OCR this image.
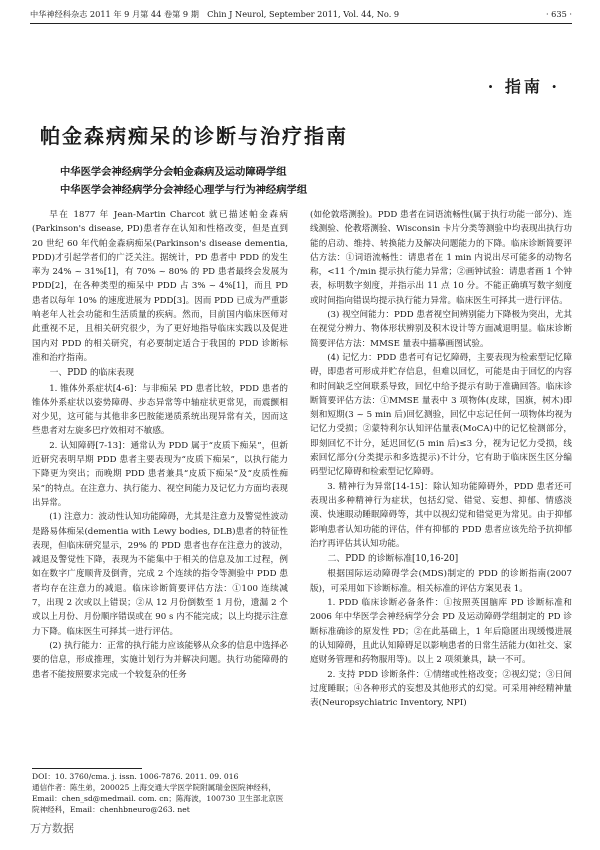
中华神经科杂志 2011 年 9 月第 44 卷第 9 期　Chin J Neurol, September 2011, Vol. 44, No. 9	· 635 ·
· 指南 ·
帕金森病痴呆的诊断与治疗指南
中华医学会神经病学分会帕金森病及运动障碍学组
中华医学会神经病学分会神经心理学与行为神经病学组

早在 1877 年 Jean-Martin Charcot 就已描述帕金森病(Parkinson's disease, PD)患者存在认知和性格改变，但是直到 20 世纪 60 年代帕金森病痴呆(Parkinson's disease dementia, PDD)才引起学者们的广泛关注。据统计，PD 患者中 PDD 的发生率为 24% ~ 31%[1]，有 70% ~ 80% 的 PD 患者最终会发展为 PDD[2]，在各种类型的痴呆中 PDD 占 3% ~ 4%[1]，而且 PD 患者以每年 10% 的速度进展为 PDD[3]。因而 PDD 已成为严重影响老年人社会功能和生活质量的疾病。然而，目前国内临床医师对此重视不足，且相关研究很少，为了更好地指导临床实践以及促进国内对 PDD 的相关研究，有必要制定适合于我国的 PDD 诊断标准和治疗指南。

一、PDD 的临床表现

1. 锥体外系症状[4-6]：与非痴呆 PD 患者比较，PDD 患者的锥体外系症状以姿势障碍、步态异常等中轴症状更常见，而震颤相对少见，这可能与其他非多巴胺能递质系统出现异常有关，因而这些患者对左旋多巴疗效相对不敏感。

2. 认知障碍[7-13]：通常认为 PDD 属于“皮质下痴呆”，但新近研究表明早期 PDD 患者主要表现为“皮质下痴呆”，以执行能力下降更为突出；而晚期 PDD 患者兼具“皮质下痴呆”及“皮质性痴呆”的特点。在注意力、执行能力、视空间能力及记忆力方面均表现出异常。

(1) 注意力：波动性认知功能障碍，尤其是注意力及警觉性波动是路易体痴呆(dementia with Lewy bodies, DLB)患者的特征性表现，但临床研究显示，29% 的 PDD 患者也存在注意力的波动，减退及警觉性下降，表现为不能集中于相关的信息及加工过程，例如在数字广度顺背及倒背，完成 2 个连续的指令等测验中 PDD 患者均存在注意力的减退。临床诊断简要评估方法：①100 连续减 7，出现 2 次或以上错误；②从 12 月份倒数至 1 月份，遗漏 2 个或以上月份、月份顺序错误或在 90 s 内不能完成；以上均提示注意力下降。临床医生可择其一进行评估。

(2) 执行能力：正常的执行能力应该能够从众多的信息中选择必要的信息，形成推理，实施计划行为并解决问题。执行功能障碍的患者不能按照要求完成一个较复杂的任务

DOI：10. 3760/cma. j. issn. 1006-7876. 2011. 09. 016

通信作者：陈生弟，200025 上海交通大学医学院附属瑞金医院神经科，Email：chen_sd@medmail. com. cn；陈海波，100730 卫生部北京医院神经科，Email：chenhbneuro@263. net

(如伦敦塔测验)。PDD 患者在词语流畅性(属于执行功能一部分)、连线测验、伦教塔测验、Wisconsin 卡片分类等测验中均表现出执行功能的启动、维持、转换能力及解决问题能力的下降。临床诊断简要评估方法：①词语流畅性：请患者在 1 min 内说出尽可能多的动物名称，<11 个/min 提示执行能力异常；②画钟试验：请患者画 1 个钟表，标明数字刻度，并指示出 11 点 10 分。不能正确填写数字刻度或时间指向错误均提示执行能力异常。临床医生可择其一进行评估。

(3) 视空间能力：PDD 患者视空间辨别能力下降极为突出，尤其在视觉分辨力、物体形状辨别及积木设计等方面减退明显。临床诊断简要评估方法：MMSE 量表中描摹画图试验。

(4) 记忆力：PDD 患者可有记忆障碍，主要表现为检索型记忆障碍，即患者可形成并贮存信息，但难以回忆，可能是由于回忆的内容和时间缺乏空间联系导致，回忆中给予提示有助于准确回答。临床诊断简要评估方法：①MMSE 量表中 3 项物体(皮球，国旗，树木)即刻和短期(3 ~ 5 min 后)回忆测验，回忆中忘记任何一项物体均视为记忆力受损；②蒙特利尔认知评估量表(MoCA)中的记忆检测部分，即刻回忆不计分，延迟回忆(5 min 后)≤3 分，视为记忆力受损，线索回忆部分(分类提示和多选提示)不计分，它有助于临床医生区分编码型记忆障碍和检索型记忆障碍。

3. 精神行为异常[14-15]：除认知功能障碍外，PDD 患者还可表现出多种精神行为症状，包括幻觉、错觉、妄想、抑郁、情感淡漠、快速眼动睡眠障碍等，其中以视幻觉和错觉更为常见。由于抑郁影响患者认知功能的评估，伴有抑郁的 PDD 患者应该先给予抗抑郁治疗再评估其认知功能。

二、PDD 的诊断标准[10,16-20]

根据国际运动障碍学会(MDS)制定的 PDD 的诊断指南(2007 版)，可采用如下诊断标准。相关标准的评估方案见表 1。

1. PDD 临床诊断必备条件：①按照英国脑库 PD 诊断标准和 2006 年中华医学会神经病学分会 PD 及运动障碍学组制定的 PD 诊断标准确诊的原发性 PD；②在此基础上，1 年后隐匿出现缓慢进展的认知障碍，且此认知障碍足以影响患者的日常生活能力(如社交、家庭财务管理和药物服用等)。以上 2 项须兼具，缺一不可。

2. 支持 PDD 诊断条件：①情绪或性格改变；②视幻觉；③日间过度睡眠；④各种形式的妄想及其他形式的幻觉。可采用神经精神量表(Neuropsychiatric Inventory, NPI)

万方数据
